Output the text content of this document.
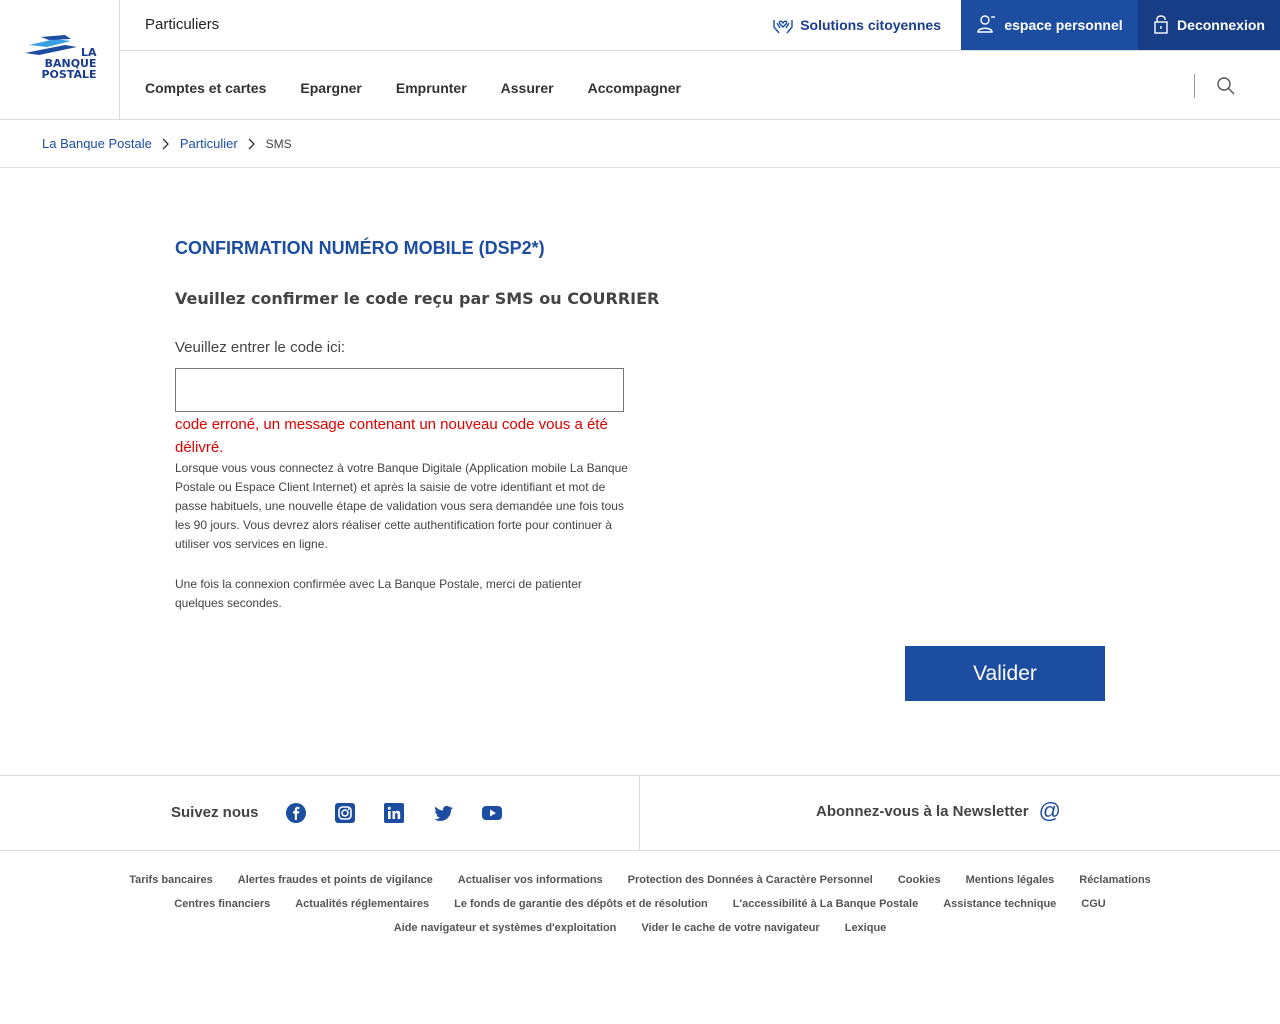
LA
BANQUE
POSTALE
Particuliers	Solutions citoyennes	espace personnel	Deconnexion
Comptes et cartes Epargner Emprunter Assurer Accompagner
La Banque Postale Particulier SMS
CONFIRMATION NUMÉRO MOBILE (DSP2*)
Veuillez confirmer le code reçu par SMS ou COURRIER
Veuillez entrer le code ici:
code erroné, un message contenant un nouveau code vous a été délivré.

Lorsque vous vous connectez à votre Banque Digitale (Application mobile La Banque Postale ou Espace Client Internet) et après la saisie de votre identifiant et mot de passe habituels, une nouvelle étape de validation vous sera demandée une fois tous les 90 jours. Vous devrez alors réaliser cette authentification forte pour continuer à utiliser vos services en ligne.

Une fois la connexion confirmée avec La Banque Postale, merci de patienter quelques secondes.

Valider
Suivez nous	Abonnez-vous à la Newsletter @
Tarifs bancaires Alertes fraudes et points de vigilance Actualiser vos informations Protection des Données à Caractère Personnel Cookies Mentions légales Réclamations
Centres financiers Actualités réglementaires Le fonds de garantie des dépôts et de résolution L'accessibilité à La Banque Postale Assistance technique CGU
Aide navigateur et systèmes d'exploitation Vider le cache de votre navigateur Lexique
